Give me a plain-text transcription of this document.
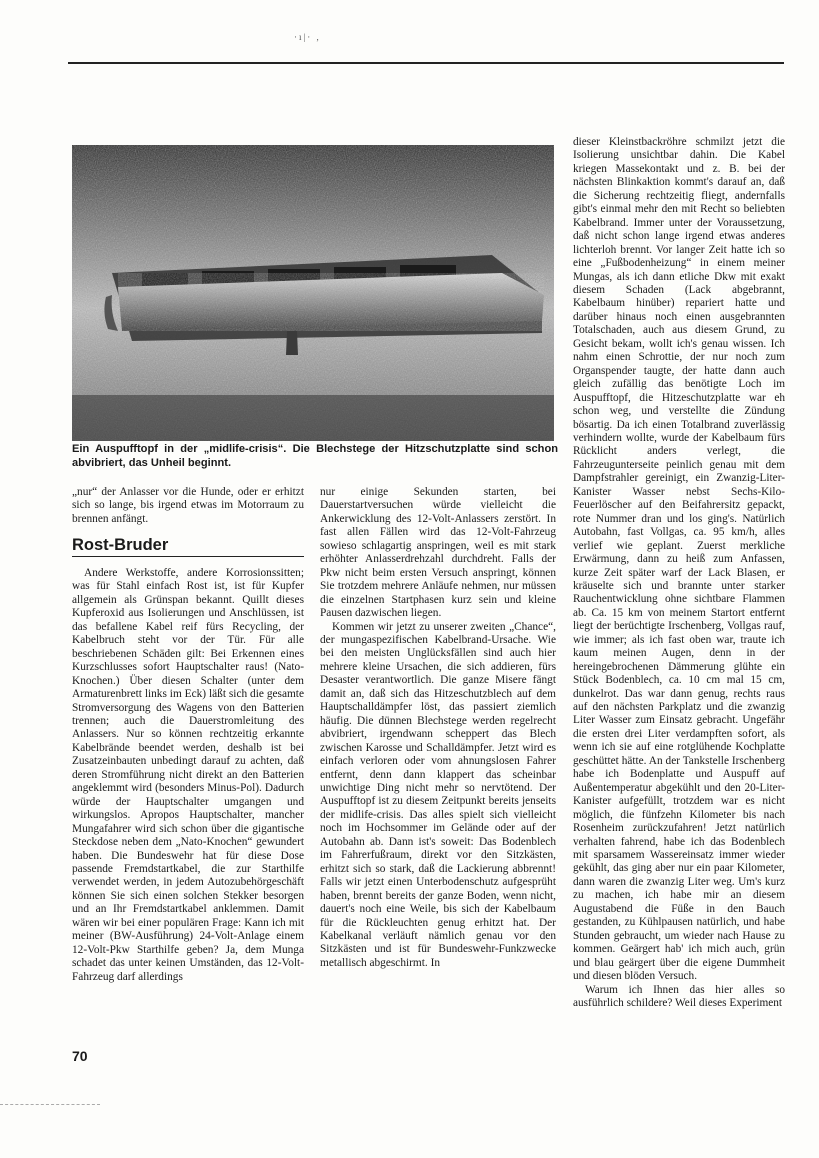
·ı|· ,

Ein Auspufftopf in der „midlife-crisis“. Die Blechstege der Hitzschutzplatte sind schon abvibriert, das Unheil beginnt.

„nur“ der Anlasser vor die Hunde, oder er erhitzt sich so lange, bis irgend etwas im Motorraum zu brennen anfängt.

Rost-Bruder

Andere Werkstoffe, andere Korrosionssitten; was für Stahl einfach Rost ist, ist für Kupfer allgemein als Grünspan bekannt. Quillt dieses Kupferoxid aus Isolierungen und Anschlüssen, ist das befallene Kabel reif fürs Recycling, der Kabelbruch steht vor der Tür. Für alle beschriebenen Schäden gilt: Bei Erkennen eines Kurzschlusses sofort Hauptschalter raus! (Nato-Knochen.) Über diesen Schalter (unter dem Armaturenbrett links im Eck) läßt sich die gesamte Stromversorgung des Wagens von den Batterien trennen; auch die Dauerstromleitung des Anlassers. Nur so können rechtzeitig erkannte Kabelbrände beendet werden, deshalb ist bei Zusatzeinbauten unbedingt darauf zu achten, daß deren Stromführung nicht direkt an den Batterien angeklemmt wird (besonders Minus-Pol). Dadurch würde der Hauptschalter umgangen und wirkungslos. Apropos Hauptschalter, mancher Mungafahrer wird sich schon über die gigantische Steckdose neben dem „Nato-Knochen“ gewundert haben. Die Bundeswehr hat für diese Dose passende Fremdstartkabel, die zur Starthilfe verwendet werden, in jedem Autozubehörgeschäft können Sie sich einen solchen Stekker besorgen und an Ihr Fremdstartkabel anklemmen. Damit wären wir bei einer populären Frage: Kann ich mit meiner (BW-Ausführung) 24-Volt-Anlage einem 12-Volt-Pkw Starthilfe geben? Ja, dem Munga schadet das unter keinen Umständen, das 12-Volt-Fahrzeug darf allerdings

nur einige Sekunden starten, bei Dauerstartversuchen würde vielleicht die Ankerwicklung des 12-Volt-Anlassers zerstört. In fast allen Fällen wird das 12-Volt-Fahrzeug sowieso schlagartig anspringen, weil es mit stark erhöhter Anlasserdrehzahl durchdreht. Falls der Pkw nicht beim ersten Versuch anspringt, können Sie trotzdem mehrere Anläufe nehmen, nur müssen die einzelnen Startphasen kurz sein und kleine Pausen dazwischen liegen.

Kommen wir jetzt zu unserer zweiten „Chance“, der mungaspezifischen Kabelbrand-Ursache. Wie bei den meisten Unglücksfällen sind auch hier mehrere kleine Ursachen, die sich addieren, fürs Desaster verantwortlich. Die ganze Misere fängt damit an, daß sich das Hitzeschutzblech auf dem Hauptschalldämpfer löst, das passiert ziemlich häufig. Die dünnen Blechstege werden regelrecht abvibriert, irgendwann scheppert das Blech zwischen Karosse und Schalldämpfer. Jetzt wird es einfach verloren oder vom ahnungslosen Fahrer entfernt, denn dann klappert das scheinbar unwichtige Ding nicht mehr so nervtötend. Der Auspufftopf ist zu diesem Zeitpunkt bereits jenseits der midlife-crisis. Das alles spielt sich vielleicht noch im Hochsommer im Gelände oder auf der Autobahn ab. Dann ist's soweit: Das Bodenblech im Fahrerfußraum, direkt vor den Sitzkästen, erhitzt sich so stark, daß die Lackierung abbrennt! Falls wir jetzt einen Unterbodenschutz aufgesprüht haben, brennt bereits der ganze Boden, wenn nicht, dauert's noch eine Weile, bis sich der Kabelbaum für die Rückleuchten genug erhitzt hat. Der Kabelkanal verläuft nämlich genau vor den Sitzkästen und ist für Bundeswehr-Funkzwecke metallisch abgeschirmt. In

dieser Kleinstbackröhre schmilzt jetzt die Isolierung unsichtbar dahin. Die Kabel kriegen Massekontakt und z. B. bei der nächsten Blinkaktion kommt's darauf an, daß die Sicherung rechtzeitig fliegt, andernfalls gibt's einmal mehr den mit Recht so beliebten Kabelbrand. Immer unter der Voraussetzung, daß nicht schon lange irgend etwas anderes lichterloh brennt. Vor langer Zeit hatte ich so eine „Fußbodenheizung“ in einem meiner Mungas, als ich dann etliche Dkw mit exakt diesem Schaden (Lack abgebrannt, Kabelbaum hinüber) repariert hatte und darüber hinaus noch einen ausgebrannten Totalschaden, auch aus diesem Grund, zu Gesicht bekam, wollt ich's genau wissen. Ich nahm einen Schrottie, der nur noch zum Organspender taugte, der hatte dann auch gleich zufällig das benötigte Loch im Auspufftopf, die Hitzeschutzplatte war eh schon weg, und verstellte die Zündung bösartig. Da ich einen Totalbrand zuverlässig verhindern wollte, wurde der Kabelbaum fürs Rücklicht anders verlegt, die Fahrzeugunterseite peinlich genau mit dem Dampfstrahler gereinigt, ein Zwanzig-Liter-Kanister Wasser nebst Sechs-Kilo-Feuerlöscher auf den Beifahrersitz gepackt, rote Nummer dran und los ging's. Natürlich Autobahn, fast Vollgas, ca. 95 km/h, alles verlief wie geplant. Zuerst merkliche Erwärmung, dann zu heiß zum Anfassen, kurze Zeit später warf der Lack Blasen, er kräuselte sich und brannte unter starker Rauchentwicklung ohne sichtbare Flammen ab. Ca. 15 km von meinem Startort entfernt liegt der berüchtigte Irschenberg, Vollgas rauf, wie immer; als ich fast oben war, traute ich kaum meinen Augen, denn in der hereingebrochenen Dämmerung glühte ein Stück Bodenblech, ca. 10 cm mal 15 cm, dunkelrot. Das war dann genug, rechts raus auf den nächsten Parkplatz und die zwanzig Liter Wasser zum Einsatz gebracht. Ungefähr die ersten drei Liter verdampften sofort, als wenn ich sie auf eine rotglühende Kochplatte geschüttet hätte. An der Tankstelle Irschenberg habe ich Bodenplatte und Auspuff auf Außentemperatur abgekühlt und den 20-Liter-Kanister aufgefüllt, trotzdem war es nicht möglich, die fünfzehn Kilometer bis nach Rosenheim zurückzufahren! Jetzt natürlich verhalten fahrend, habe ich das Bodenblech mit sparsamem Wassereinsatz immer wieder gekühlt, das ging aber nur ein paar Kilometer, dann waren die zwanzig Liter weg. Um's kurz zu machen, ich habe mir an diesem Augustabend die Füße in den Bauch gestanden, zu Kühlpausen natürlich, und habe Stunden gebraucht, um wieder nach Hause zu kommen. Geärgert hab' ich mich auch, grün und blau geärgert über die eigene Dummheit und diesen blöden Versuch.

Warum ich Ihnen das hier alles so ausführlich schildere? Weil dieses Experiment

70
